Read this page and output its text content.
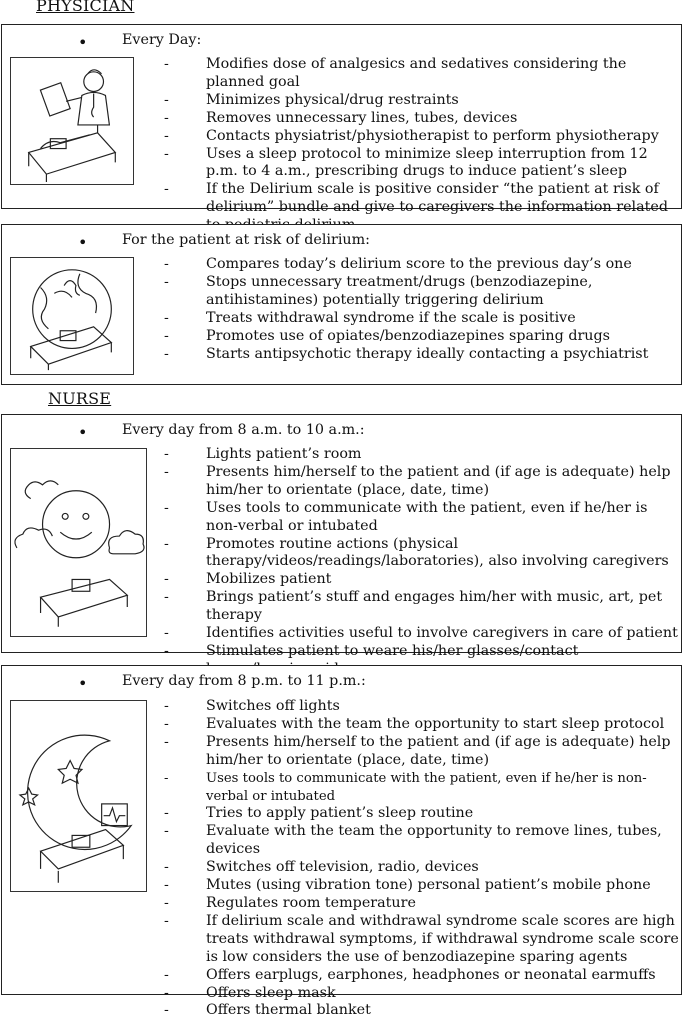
PHYSICIAN
• Every Day:
-	Modifies dose of analgesics and sedatives considering the planned goal
-	Minimizes physical/drug restraints
-	Removes unnecessary lines, tubes, devices
-	Contacts physiatrist/physiotherapist to perform physiotherapy
-	Uses a sleep protocol to minimize sleep interruption from 12 p.m. to 4 a.m., prescribing drugs to induce patient’s sleep
-	If the Delirium scale is positive consider “the patient at risk of delirium” bundle and give to caregivers the information related
• For the patient at risk of delirium:
-	Compares today’s delirium score to the previous day’s one
-	Stops unnecessary treatment/drugs (benzodiazepine, antihistamines) potentially triggering delirium
-	Treats withdrawal syndrome if the scale is positive
-	Promotes use of opiates/benzodiazepines sparing drugs
-	Starts antipsychotic therapy ideally contacting a psychiatrist
NURSE
• Every day from 8 a.m. to 10 a.m.:
-	Lights patient’s room
-	Presents him/herself to the patient and (if age is adequate) help him/her to orientate (place, date, time)
-	Uses tools to communicate with the patient, even if he/her is non-verbal or intubated
-	Promotes routine actions (physical therapy/videos/readings/laboratories), also involving caregivers
-	Mobilizes patient
-	Brings patient’s stuff and engages him/her with music, art, pet therapy
-	Identifies activities useful to involve caregivers in care of patient
-	Stimulates patient to weare his/her glasses/contact
• Every day from 8 p.m. to 11 p.m.:
-	Switches off lights
-	Evaluates with the team the opportunity to start sleep protocol
-	Presents him/herself to the patient and (if age is adequate) help him/her to orientate (place, date, time)
-	Uses tools to communicate with the patient, even if he/her is non-verbal or intubated
-	Tries to apply patient’s sleep routine
-	Evaluate with the team the opportunity to remove lines, tubes, devices
-	Switches off television, radio, devices
-	Mutes (using vibration tone) personal patient’s mobile phone
-	Regulates room temperature
-	If delirium scale and withdrawal syndrome scale scores are high treats withdrawal symptoms, if withdrawal syndrome scale score is low considers the use of benzodiazepine sparing agents
-	Offers earplugs, earphones, headphones or neonatal earmuffs
-	Offers sleep mask
-	Offers thermal blanket
